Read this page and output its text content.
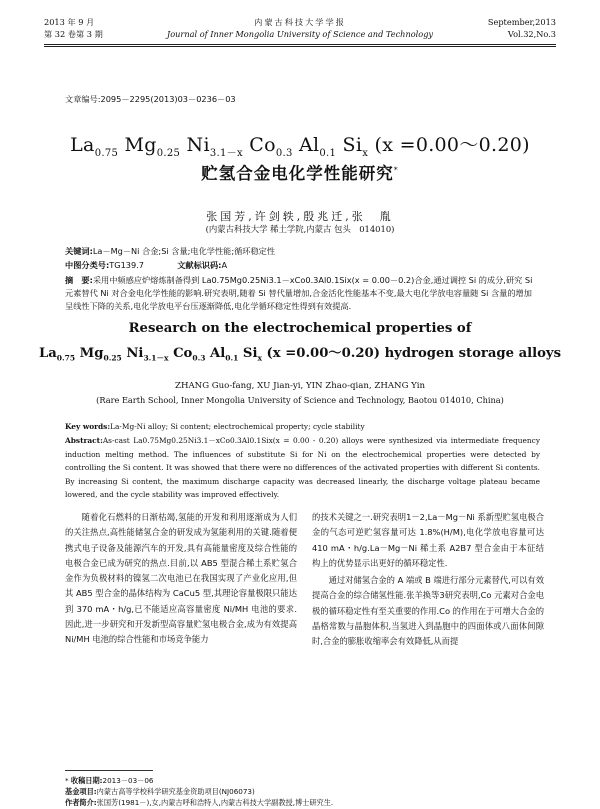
2013 年 9 月
第 32 卷第 3 期
内蒙古科技大学学报
Journal of Inner Mongolia University of Science and Technology
September,2013
Vol.32,No.3
文章编号:2095－2295(2013)03－0236－03
$La_{0.75}$ $Mg_{0.25}$ $Ni_{3.1-x}$ $Co_{0.3}$ $Al_{0.1}$ $Si_x$ (x =0.00～0.20)
贮氢合金电化学性能研究*
张国芳,许剑轶,殷兆迁,张　胤
(内蒙古科技大学 稀土学院,内蒙古 包头　014010)
关键词:La－Mg－Ni 合金;Si 含量;电化学性能;循环稳定性
中图分类号:TG139.7	文献标识码:A
摘　要:采用中频感应炉熔炼制备得到 La0.75Mg0.25Ni3.1－xCo0.3Al0.1Six(x = 0.00－0.2)合金,通过调控 Si 的成分,研究 Si 元素替代 Ni 对合金电化学性能的影响.研究表明,随着 Si 替代量增加,合金活化性能基本不变,最大电化学放电容量随 Si 含量的增加呈线性下降的关系,电化学放电平台压逐渐降低,电化学循环稳定性得到有效提高.
Research on the electrochemical properties of
$La_{0.75}$ $Mg_{0.25}$ $Ni_{3.1-x}$ $Co_{0.3}$ $Al_{0.1}$ $Si_x$ (x =0.00～0.20) hydrogen storage alloys
ZHANG Guo-fang, XU Jian-yi, YIN Zhao-qian, ZHANG Yin
(Rare Earth School, Inner Mongolia University of Science and Technology, Baotou 014010, China)
Key words:La-Mg-Ni alloy; Si content; electrochemical property; cycle stability
Abstract:As-cast La0.75Mg0.25Ni3.1－xCo0.3Al0.1Six(x = 0.00 - 0.20) alloys were synthesized via intermediate frequency induction melting method. The influences of substitute Si for Ni on the electrochemical properties were detected by controlling the Si content. It was showed that there were no differences of the activated properties with different Si contents. By increasing Si content, the maximum discharge capacity was decreased linearly, the discharge voltage plateau became lowered, and the cycle stability was improved effectively.

随着化石燃料的日渐枯竭,氢能的开发和利用逐渐成为人们的关注热点,高性能储氢合金的研发成为氢能利用的关键.随着便携式电子设备及能源汽车的开发,具有高能量密度及综合性能的电极合金已成为研究的热点.目前,以 AB5 型混合稀土系贮氢合金作为负极材料的镍氢二次电池已在我国实现了产业化应用,但其 AB5 型合金的晶体结构为 CaCu5 型,其理论容量极限只能达到 370 mA・h/g,已不能适应高容量密度 Ni/MH 电池的要求.因此,进一步研究和开发新型高容量贮氢电极合金,成为有效提高 Ni/MH 电池的综合性能和市场竞争能力

的技术关键之一.研究表明1－2,La－Mg－Ni 系新型贮氢电极合金的气态可逆贮氢容量可达 1.8%(H/M),电化学放电容量可达 410 mA・h/g.La－Mg－Ni 稀土系 A2B7 型合金由于本征结构上的优势显示出更好的循环稳定性.

通过对储氢合金的 A 端或 B 端进行部分元素替代,可以有效提高合金的综合储氢性能.张羊换等3研究表明,Co 元素对合金电极的循环稳定性有至关重要的作用.Co 的作用在于可增大合金的晶格常数与晶胞体积,当氢进入到晶胞中的四面体或八面体间隙时,合金的膨胀收缩率会有效降低,从而提

* 收稿日期:2013－03－06
基金项目:内蒙古高等学校科学研究基金资助项目(NJ06073)
作者简介:张国芳(1981－),女,内蒙古呼和浩特人,内蒙古科技大学副教授,博士研究生.
